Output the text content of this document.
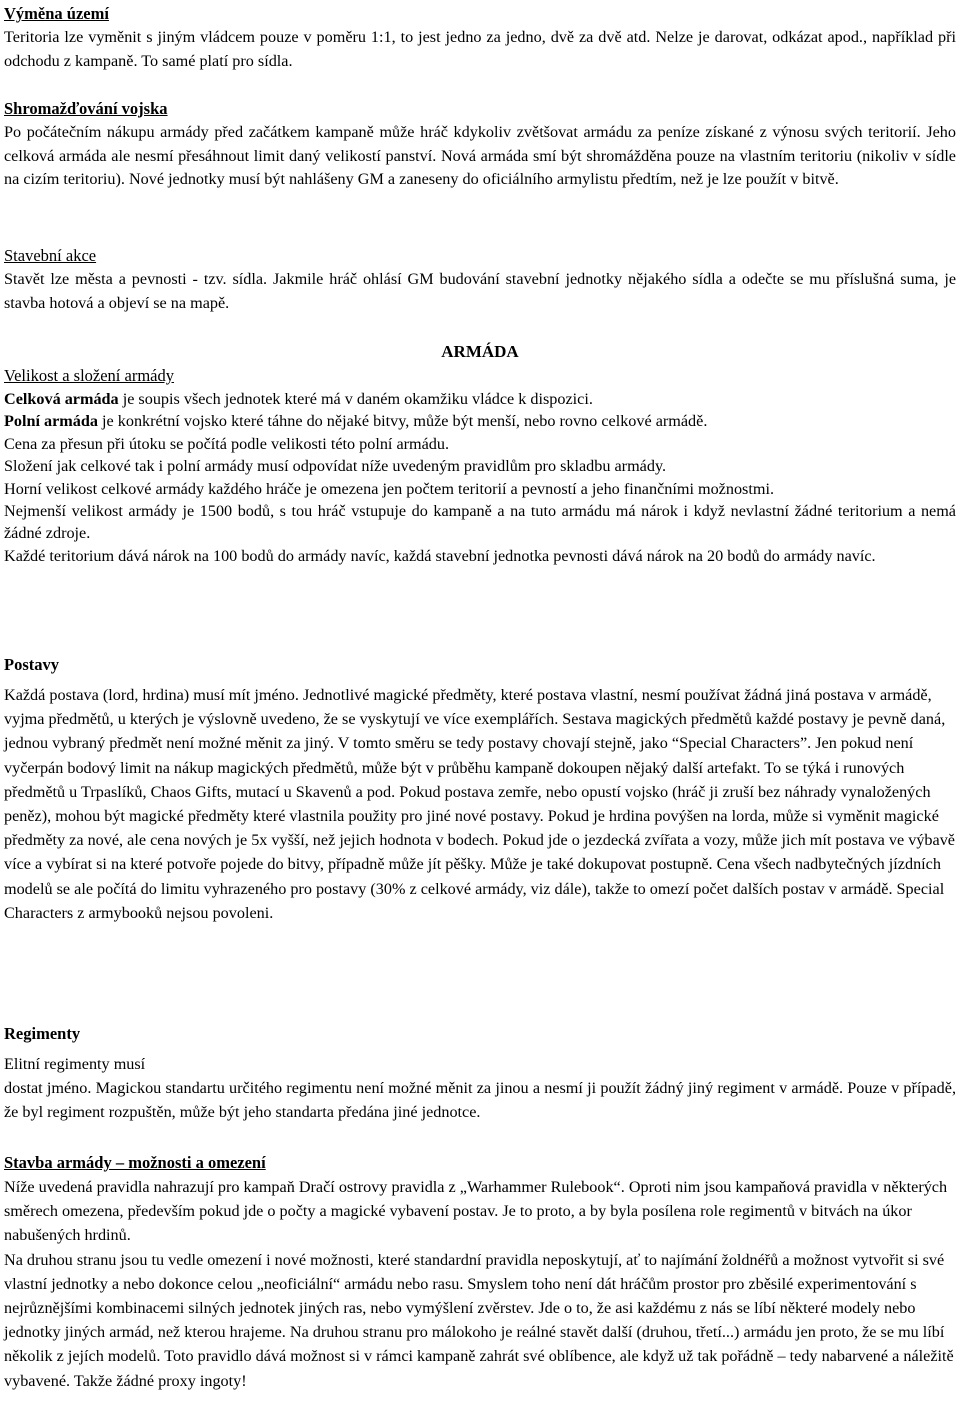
Výměna území

Teritoria lze vyměnit s jiným vládcem pouze v poměru 1:1, to jest jedno za jedno, dvě za dvě atd. Nelze je darovat, odkázat apod., například při odchodu z kampaně. To samé platí pro sídla.

Shromažďování vojska

Po počátečním nákupu armády před začátkem kampaně může hráč kdykoliv zvětšovat armádu za peníze získané z výnosu svých teritorií. Jeho celková armáda ale nesmí přesáhnout limit daný velikostí panství. Nová armáda smí být shromážděna pouze na vlastním teritoriu (nikoliv v sídle na cizím teritoriu). Nové jednotky musí být nahlášeny GM a zaneseny do oficiálního armylistu předtím, než je lze použít v bitvě.

Stavební akce

Stavět lze města a pevnosti - tzv. sídla. Jakmile hráč ohlásí GM budování stavební jednotky nějakého sídla a odečte se mu příslušná suma, je stavba hotová a objeví se na mapě.

ARMÁDA
Velikost a složení armády

Celková armáda je soupis všech jednotek které má v daném okamžiku vládce k dispozici.

Polní armáda je konkrétní vojsko které táhne do nějaké bitvy, může být menší, nebo rovno celkové armádě.

Cena za přesun při útoku se počítá podle velikosti této polní armádu.

Složení jak celkové tak i polní armády musí odpovídat níže uvedeným pravidlům pro skladbu armády.

Horní velikost celkové armády každého hráče je omezena jen počtem teritorií a pevností a jeho finančními možnostmi.

Nejmenší velikost armády je 1500 bodů, s tou hráč vstupuje do kampaně a na tuto armádu má nárok i když nevlastní žádné teritorium a nemá žádné zdroje.

Každé teritorium dává nárok na 100 bodů do armády navíc, každá stavební jednotka pevnosti dává nárok na 20 bodů do armády navíc.

Postavy

Každá postava (lord, hrdina) musí mít jméno. Jednotlivé magické předměty, které postava vlastní, nesmí používat žádná jiná postava v armádě, vyjma předmětů, u kterých je výslovně uvedeno, že se vyskytují ve více exemplářích. Sestava magických předmětů každé postavy je pevně daná, jednou vybraný předmět není možné měnit za jiný. V tomto směru se tedy postavy chovají stejně, jako “Special Characters”. Jen pokud není vyčerpán bodový limit na nákup magických předmětů, může být v průběhu kampaně dokoupen nějaký další artefakt. To se týká i runových předmětů u Trpaslíků, Chaos Gifts, mutací u Skavenů a pod. Pokud postava zemře, nebo opustí vojsko (hráč ji zruší bez náhrady vynaložených peněz), mohou být magické předměty které vlastnila použity pro jiné nové postavy. Pokud je hrdina povýšen na lorda, může si vyměnit magické předměty za nové, ale cena nových je 5x vyšší, než jejich hodnota v bodech. Pokud jde o jezdecká zvířata a vozy, může jich mít postava ve výbavě více a vybírat si na které potvoře pojede do bitvy, případně může jít pěšky. Může je také dokupovat postupně. Cena všech nadbytečných jízdních modelů se ale počítá do limitu vyhrazeného pro postavy (30% z celkové armády, viz dále), takže to omezí počet dalších postav v armádě. Special Characters z armybooků nejsou povoleni.

Regimenty

Elitní regimenty musí

dostat jméno. Magickou standartu určitého regimentu není možné měnit za jinou a nesmí ji použít žádný jiný regiment v armádě. Pouze v případě, že byl regiment rozpuštěn, může být jeho standarta předána jiné jednotce.

Stavba armády – možnosti a omezení

Níže uvedená pravidla nahrazují pro kampaň Dračí ostrovy pravidla z „Warhammer Rulebook“. Oproti nim jsou kampaňová pravidla v některých směrech omezena, především pokud jde o počty a magické vybavení postav. Je to proto, a by byla posílena role regimentů v bitvách na úkor nabušených hrdinů.

Na druhou stranu jsou tu vedle omezení i nové možnosti, které standardní pravidla neposkytují, ať to najímání žoldnéřů a možnost vytvořit si své vlastní jednotky a nebo dokonce celou „neoficiální“ armádu nebo rasu. Smyslem toho není dát hráčům prostor pro zběsilé experimentování s nejrůznějšími kombinacemi silných jednotek jiných ras, nebo vymýšlení zvěrstev. Jde o to, že asi každému z nás se líbí některé modely nebo jednotky jiných armád, než kterou hrajeme. Na druhou stranu pro málokoho je reálné stavět další (druhou, třetí...) armádu jen proto, že se mu líbí několik z jejích modelů. Toto pravidlo dává možnost si v rámci kampaně zahrát své oblíbence, ale když už tak pořádně – tedy nabarvené a náležitě vybavené. Takže žádné proxy ingoty!
